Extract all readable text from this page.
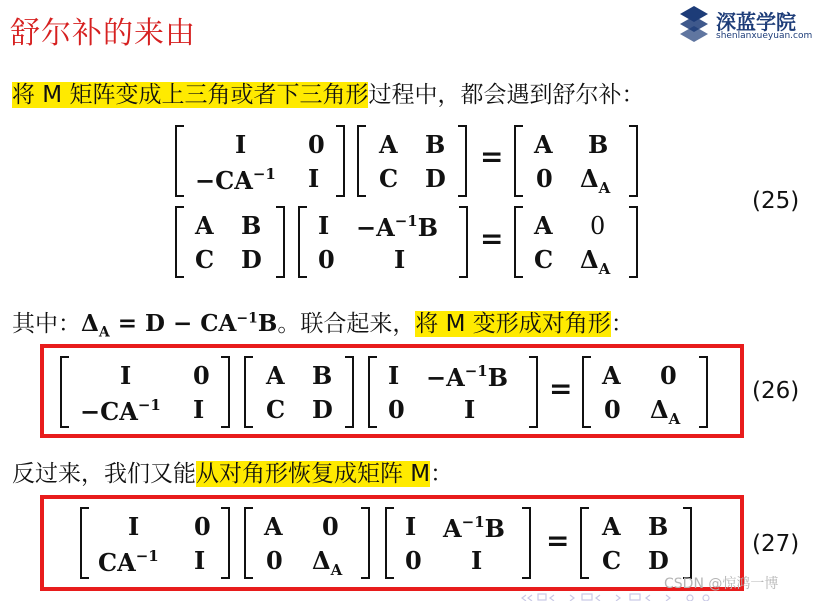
舒尔补的来由	深蓝学院
shenlanxueyuan.com
将 M 矩阵变成上三角或者下三角形过程中，都会遇到舒尔补：
I	0
$-CA^{-1}$ I
A B
C D
= A B
0 $\Delta_A$
A B
C D
$I -A^{-1}B$
0 I
= A 0
C $\Delta_A$
(25)
其中：$\Delta_A = D - CA^{-1}B$。联合起来，将 M 变形成对角形：
I	0
$-CA^{-1}$ I
A B
C D
$I -A^{-1}B$
0 I
= A 0
0 $\Delta_A$
(26)
反过来，我们又能从对角形恢复成矩阵 M：
I 0
$CA^{-1}$ I
A 0
0 $\Delta_A$
I $A^{-1}B$
0 I
= A B
C D
(27)
CSDN @惊鸿一博
